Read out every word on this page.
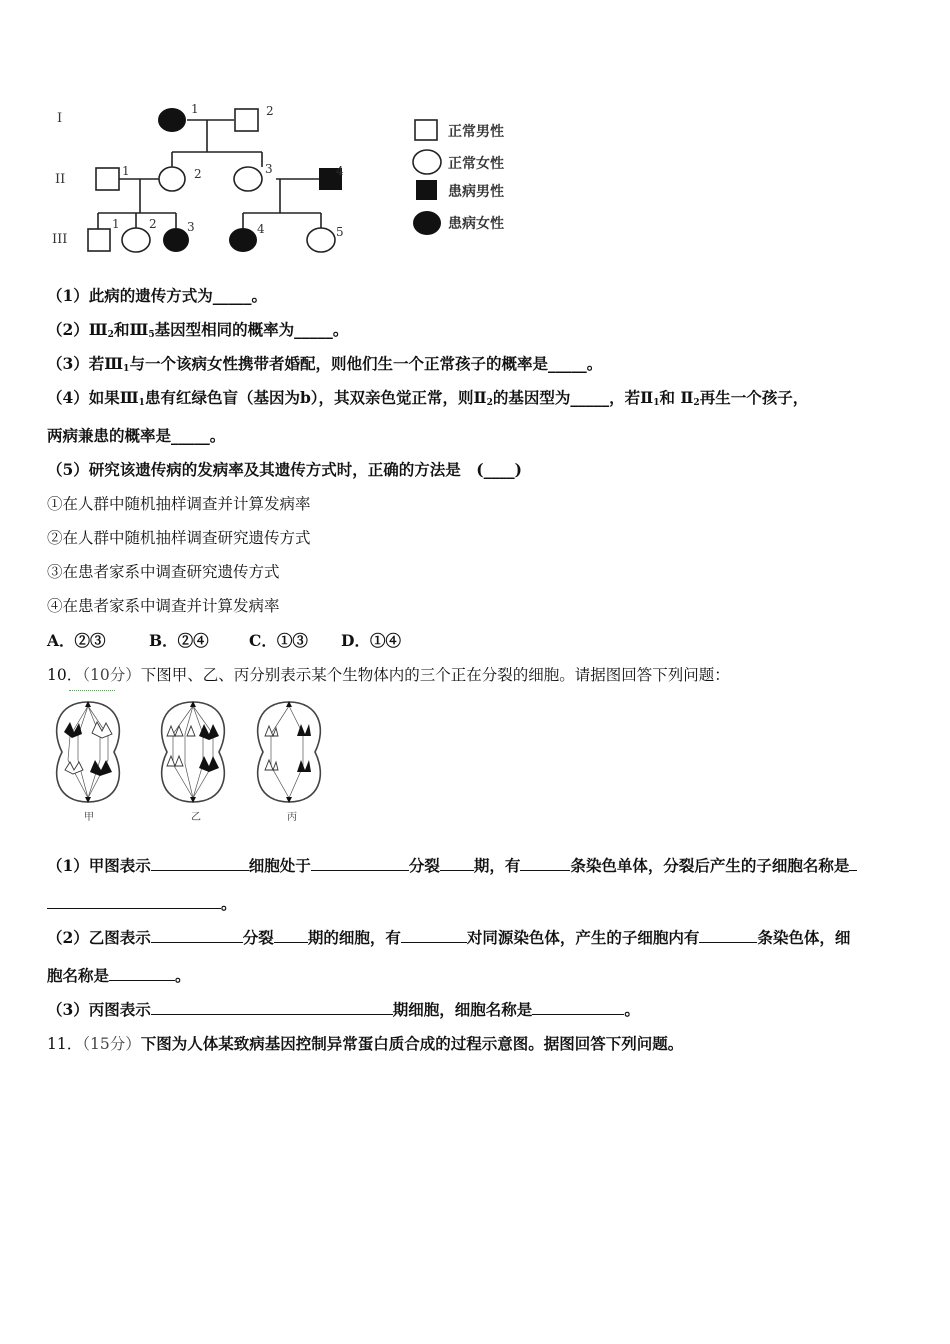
I
II
III
1	2
1	2	3	4
1 2	3	4	5
正常男性
正常女性
患病男性
患病女性
（1）此病的遗传方式为_____。
$(2)Ⅲ_2$和$Ⅲ_5$基因型相同的概率为_____。
（3）若$Ⅲ_1$与一个该病女性携带者婚配，则他们生一个正常孩子的概率是_____。
（4）如果$Ⅲ_1$患有红绿色盲（基因为b），其双亲色觉正常，则$Ⅱ_2$的基因型为_____，若$Ⅱ_1$和 $Ⅱ_2$再生一个孩子，
两病兼患的概率是_____。
（5）研究该遗传病的发病率及其遗传方式时，正确的方法是　(____)
①在人群中随机抽样调查并计算发病率
②在人群中随机抽样调查研究遗传方式
③在患者家系中调查研究遗传方式
④在患者家系中调查并计算发病率
A．②③	B．②④	C．①③ D．①④
10．（10分）下图甲、乙、丙分别表示某个生物体内的三个正在分裂的细胞。请据图回答下列问题：
甲	乙	丙
（1）甲图表示	细胞处于	分裂 期，有	条染色单体，分裂后产生的子细胞名称是
。
（2）乙图表示	分裂 期的细胞，有	对同源染色体，产生的子细胞内有	条染色体，细
胞名称是	。
（3）丙图表示	期细胞，细胞名称是	。
11．（15分）下图为人体某致病基因控制异常蛋白质合成的过程示意图。据图回答下列问题。
